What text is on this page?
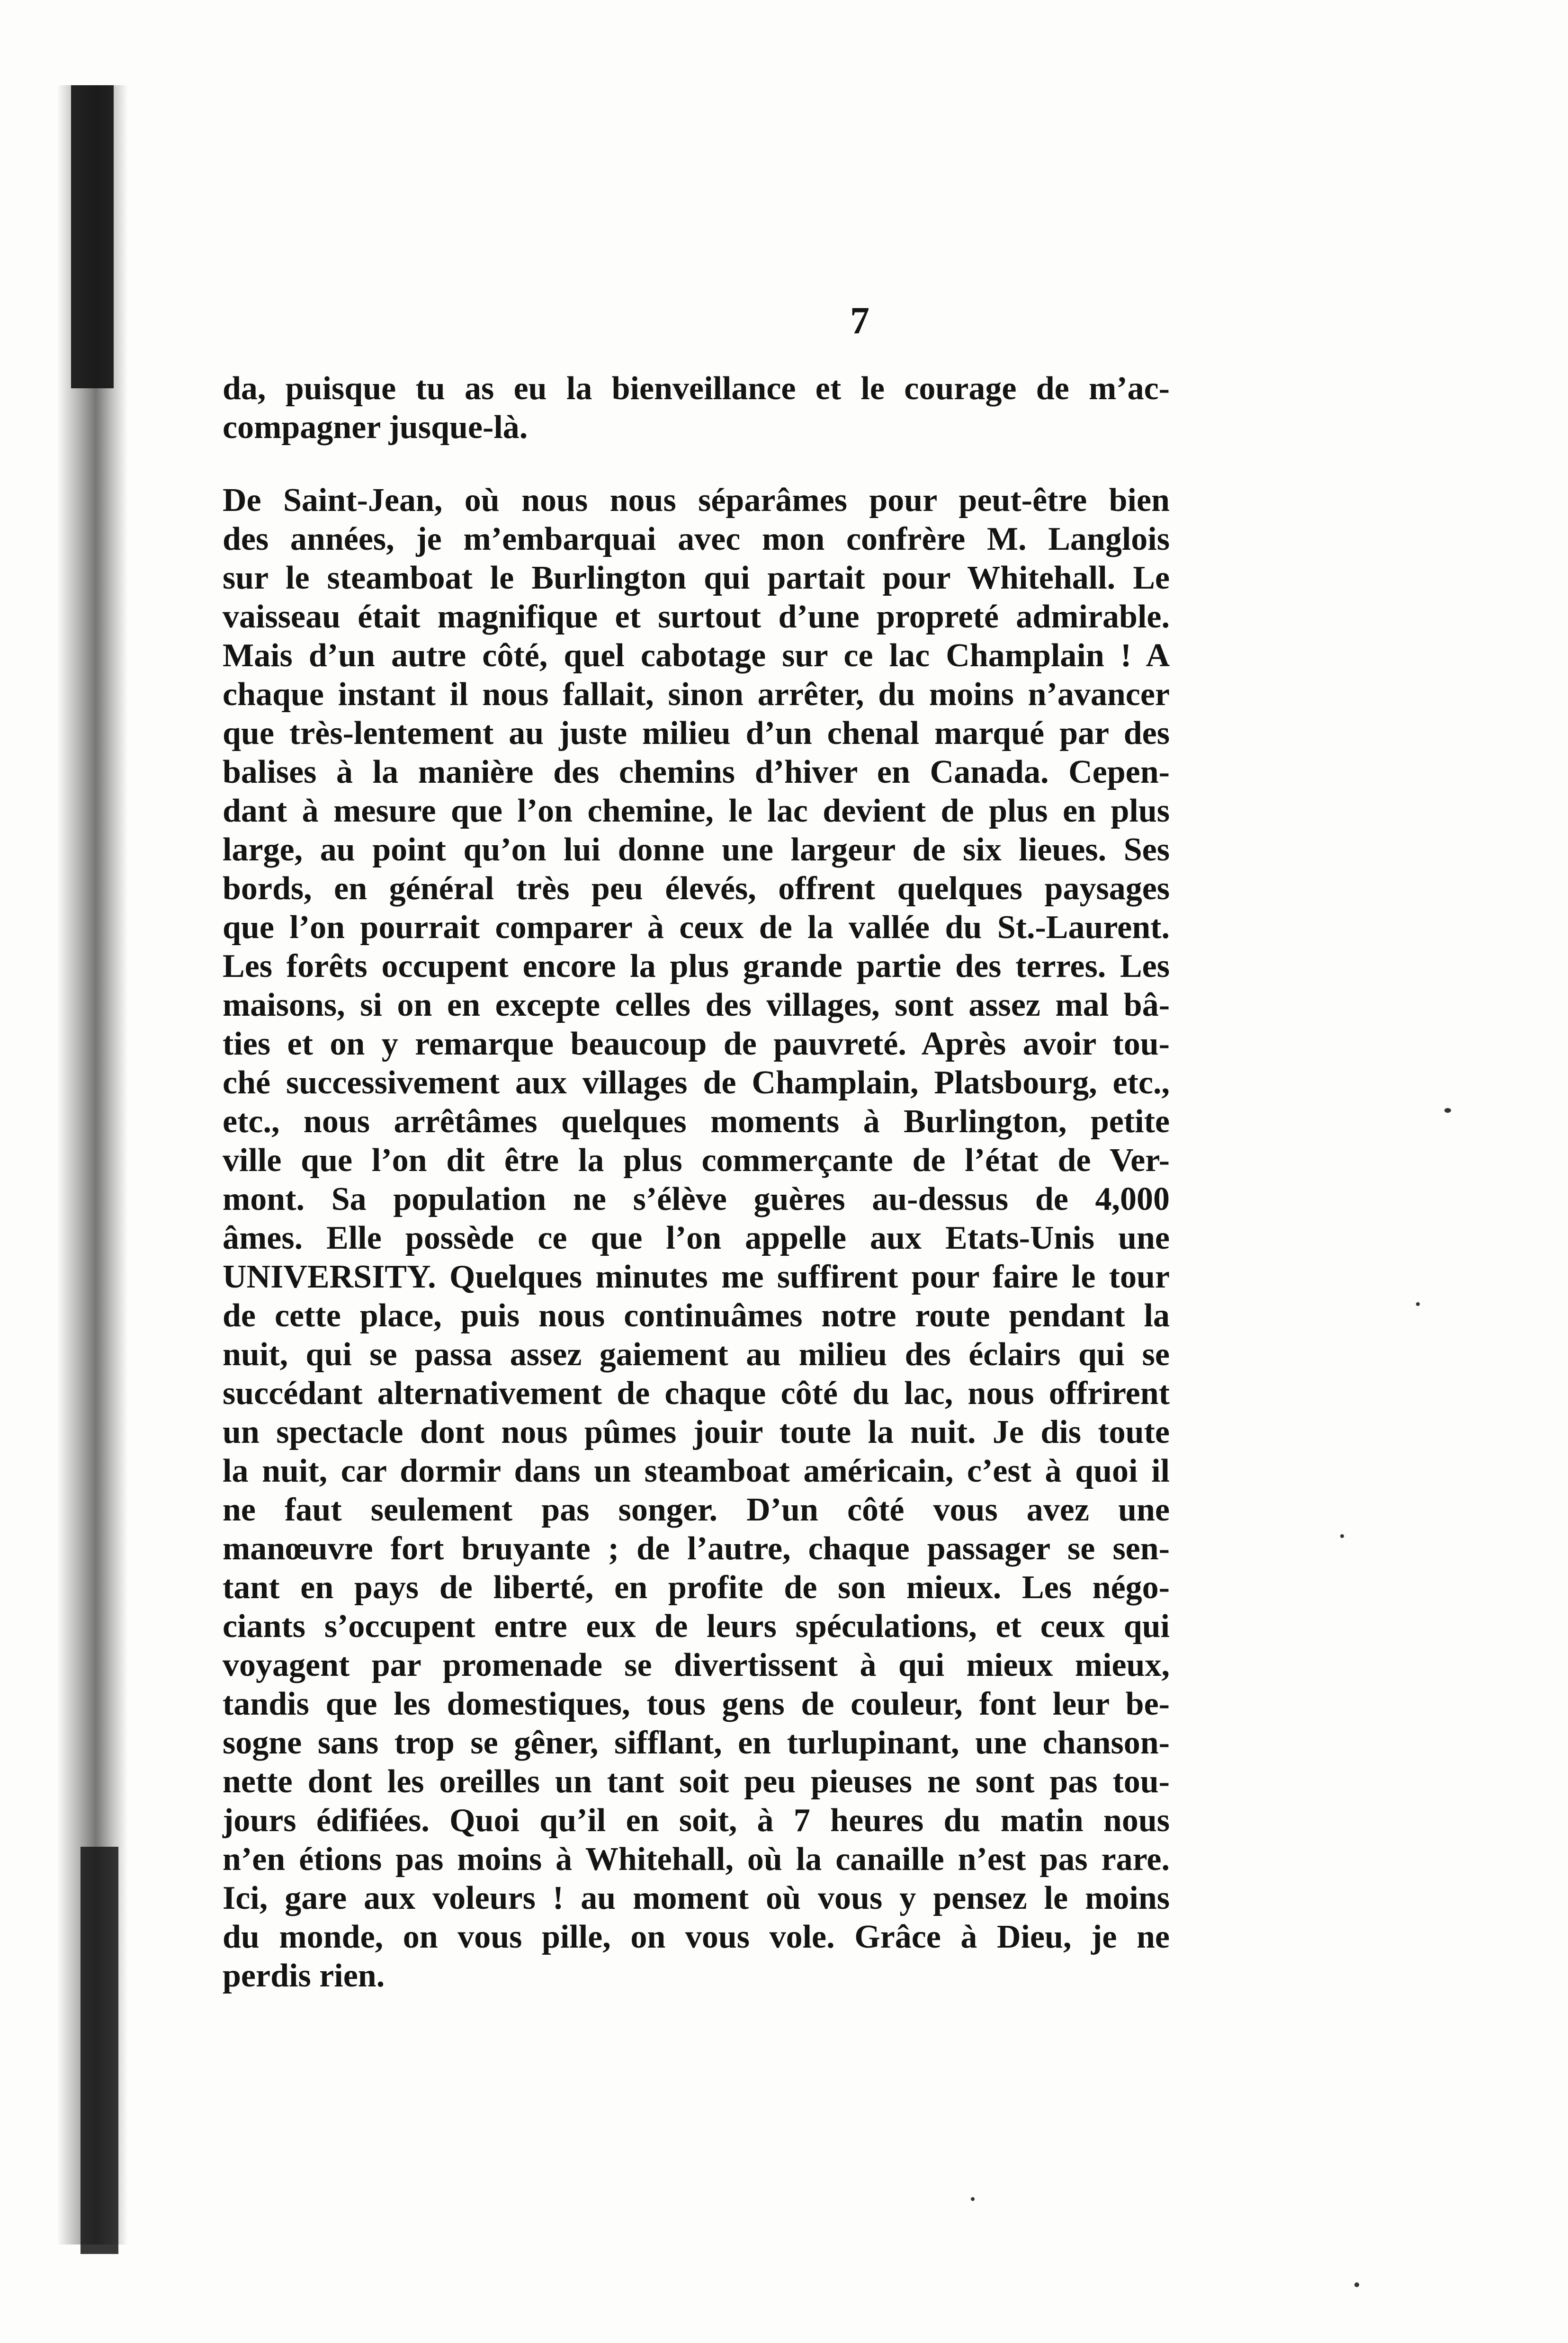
7
da, puisque tu as eu la bienveillance et le courage de m’ac-
compagner jusque-là.
De Saint-Jean, où nous nous séparâmes pour peut-être bien
des années, je m’embarquai avec mon confrère M. Langlois
sur le steamboat le Burlington qui partait pour Whitehall. Le
vaisseau était magnifique et surtout d’une propreté admirable.
Mais d’un autre côté, quel cabotage sur ce lac Champlain ! A
chaque instant il nous fallait, sinon arrêter, du moins n’avancer
que très-lentement au juste milieu d’un chenal marqué par des
balises à la manière des chemins d’hiver en Canada. Cepen-
dant à mesure que l’on chemine, le lac devient de plus en plus
large, au point qu’on lui donne une largeur de six lieues. Ses
bords, en général très peu élevés, offrent quelques paysages
que l’on pourrait comparer à ceux de la vallée du St.-Laurent.
Les forêts occupent encore la plus grande partie des terres. Les
maisons, si on en excepte celles des villages, sont assez mal bâ-
ties et on y remarque beaucoup de pauvreté. Après avoir tou-
ché successivement aux villages de Champlain, Platsbourg, etc.,
etc., nous arrêtâmes quelques moments à Burlington, petite
ville que l’on dit être la plus commerçante de l’état de Ver-
mont. Sa population ne s’élève guères au-dessus de 4,000
âmes. Elle possède ce que l’on appelle aux Etats-Unis une
UNIVERSITY. Quelques minutes me suffirent pour faire le tour
de cette place, puis nous continuâmes notre route pendant la
nuit, qui se passa assez gaiement au milieu des éclairs qui se
succédant alternativement de chaque côté du lac, nous offrirent
un spectacle dont nous pûmes jouir toute la nuit. Je dis toute
la nuit, car dormir dans un steamboat américain, c’est à quoi il
ne faut seulement pas songer. D’un côté vous avez une
manœuvre fort bruyante ; de l’autre, chaque passager se sen-
tant en pays de liberté, en profite de son mieux. Les négo-
ciants s’occupent entre eux de leurs spéculations, et ceux qui
voyagent par promenade se divertissent à qui mieux mieux,
tandis que les domestiques, tous gens de couleur, font leur be-
sogne sans trop se gêner, sifflant, en turlupinant, une chanson-
nette dont les oreilles un tant soit peu pieuses ne sont pas tou-
jours édifiées. Quoi qu’il en soit, à 7 heures du matin nous
n’en étions pas moins à Whitehall, où la canaille n’est pas rare.
Ici, gare aux voleurs ! au moment où vous y pensez le moins
du monde, on vous pille, on vous vole. Grâce à Dieu, je ne
perdis rien.
